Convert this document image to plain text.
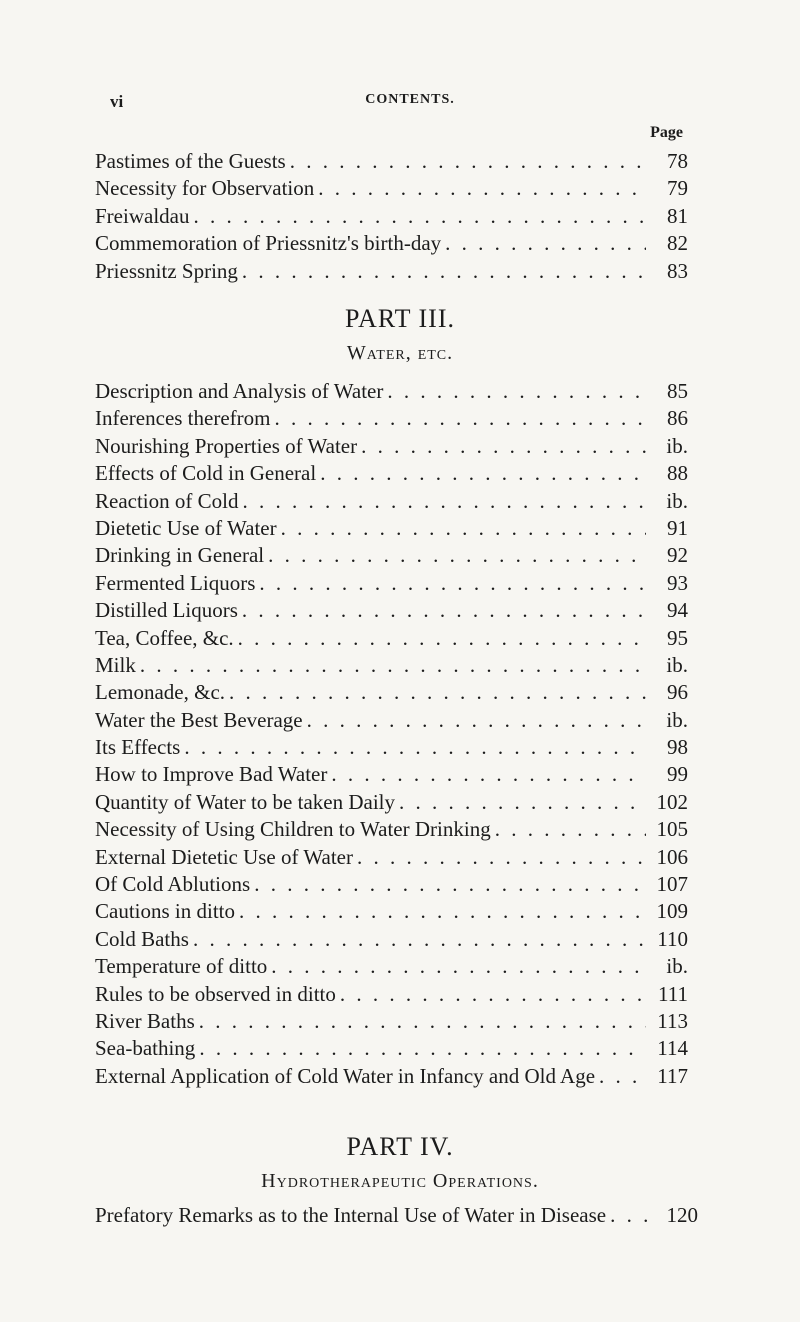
vi	CONTENTS.
Page
Pastimes of the Guests . . .	78
Necessity for Observation . . .	79
Freiwaldau . . .	81
Commemoration of Priessnitz's birth-day . . .	82
Priessnitz Spring . . .	83
PART III.
Water, etc.
Description and Analysis of Water . . .	85
Inferences therefrom . . .	86
Nourishing Properties of Water . . .	ib.
Effects of Cold in General . . .	88
Reaction of Cold . . .	ib.
Dietetic Use of Water . . .	91
Drinking in General . . .	92
Fermented Liquors . . .	93
Distilled Liquors . . .	94
Tea, Coffee, &c. . . .	95
Milk . . .	ib.
Lemonade, &c. . . .	96
Water the Best Beverage . . .	ib.
Its Effects . . .	98
How to Improve Bad Water . . .	99
Quantity of Water to be taken Daily . . .	102
Necessity of Using Children to Water Drinking . . .	105
External Dietetic Use of Water . . .	106
Of Cold Ablutions . . .	107
Cautions in ditto . . .	109
Cold Baths . . .	110
Temperature of ditto . . .	ib.
Rules to be observed in ditto . . .	111
River Baths . . .	113
Sea-bathing . . .	114
External Application of Cold Water in Infancy and Old Age . . .	117
PART IV.
Hydrotherapeutic Operations.
Prefatory Remarks as to the Internal Use of Water in Disease . . .	120
